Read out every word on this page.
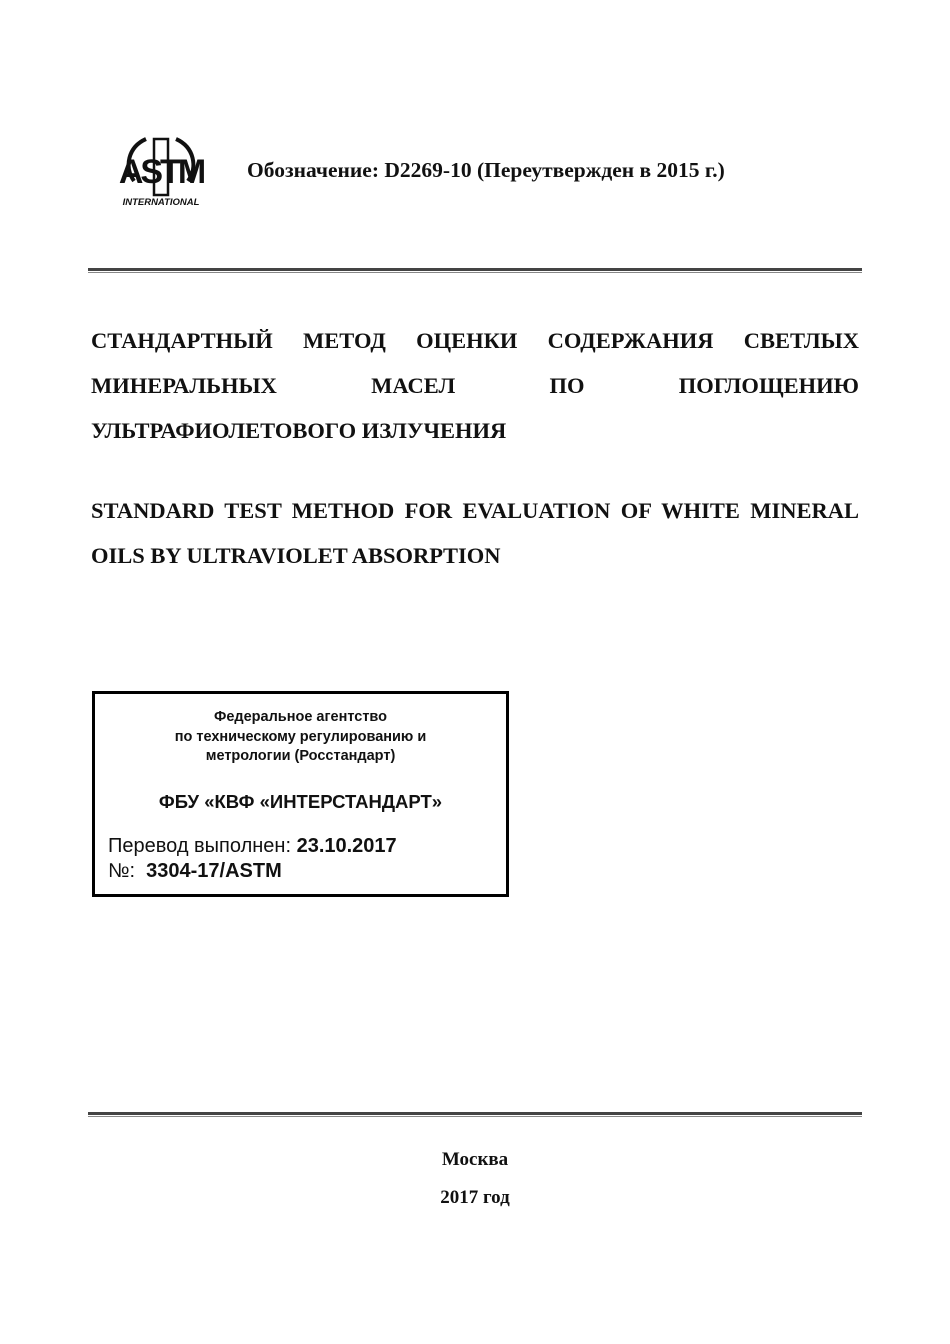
ASTM
INTERNATIONAL
Обозначение: D2269-10 (Переутвержден в 2015 г.)
СТАНДАРТНЫЙ МЕТОД ОЦЕНКИ СОДЕРЖАНИЯ СВЕТЛЫХ МИНЕРАЛЬНЫХ МАСЕЛ ПО ПОГЛОЩЕНИЮ УЛЬТРАФИОЛЕТОВОГО ИЗЛУЧЕНИЯ
STANDARD TEST METHOD FOR EVALUATION OF WHITE MINERAL OILS BY ULTRAVIOLET ABSORPTION
Федеральное агентство
по техническому регулированию и
метрологии (Росстандарт)
ФБУ «КВФ «ИНТЕРСТАНДАРТ»
Перевод выполнен: 23.10.2017
№: 3304-17/ASTM
Москва
2017 год
